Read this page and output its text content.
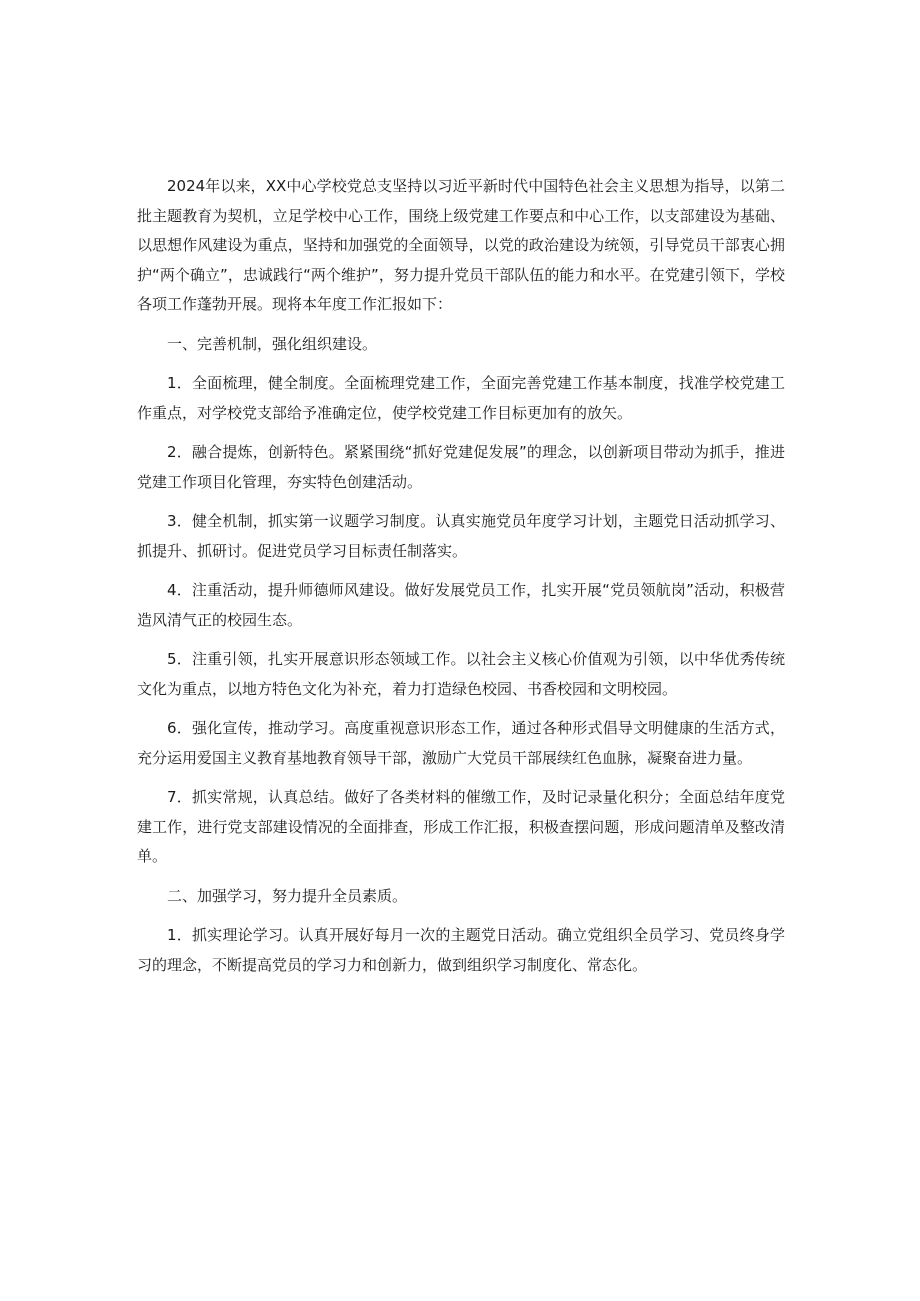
2024年以来，XX中心学校党总支坚持以习近平新时代中国特色社会主义思想为指导，以第二批主题教育为契机，立足学校中心工作，围绕上级党建工作要点和中心工作，以支部建设为基础、以思想作风建设为重点，坚持和加强党的全面领导，以党的政治建设为统领，引导党员干部衷心拥护“两个确立”，忠诚践行“两个维护”，努力提升党员干部队伍的能力和水平。在党建引领下，学校各项工作蓬勃开展。现将本年度工作汇报如下：

一、完善机制，强化组织建设。

1．全面梳理，健全制度。全面梳理党建工作，全面完善党建工作基本制度，找准学校党建工作重点，对学校党支部给予准确定位，使学校党建工作目标更加有的放矢。

2．融合提炼，创新特色。紧紧围绕“抓好党建促发展”的理念，以创新项目带动为抓手，推进党建工作项目化管理，夯实特色创建活动。

3．健全机制，抓实第一议题学习制度。认真实施党员年度学习计划，主题党日活动抓学习、抓提升、抓研讨。促进党员学习目标责任制落实。

4．注重活动，提升师德师风建设。做好发展党员工作，扎实开展“党员领航岗”活动，积极营造风清气正的校园生态。

5．注重引领，扎实开展意识形态领域工作。以社会主义核心价值观为引领，以中华优秀传统文化为重点，以地方特色文化为补充，着力打造绿色校园、书香校园和文明校园。

6．强化宣传，推动学习。高度重视意识形态工作，通过各种形式倡导文明健康的生活方式，充分运用爱国主义教育基地教育领导干部，激励广大党员干部展续红色血脉，凝聚奋进力量。

7．抓实常规，认真总结。做好了各类材料的催缴工作，及时记录量化积分；全面总结年度党建工作，进行党支部建设情况的全面排查，形成工作汇报，积极查摆问题，形成问题清单及整改清单。

二、加强学习，努力提升全员素质。

1．抓实理论学习。认真开展好每月一次的主题党日活动。确立党组织全员学习、党员终身学习的理念，不断提高党员的学习力和创新力，做到组织学习制度化、常态化。
